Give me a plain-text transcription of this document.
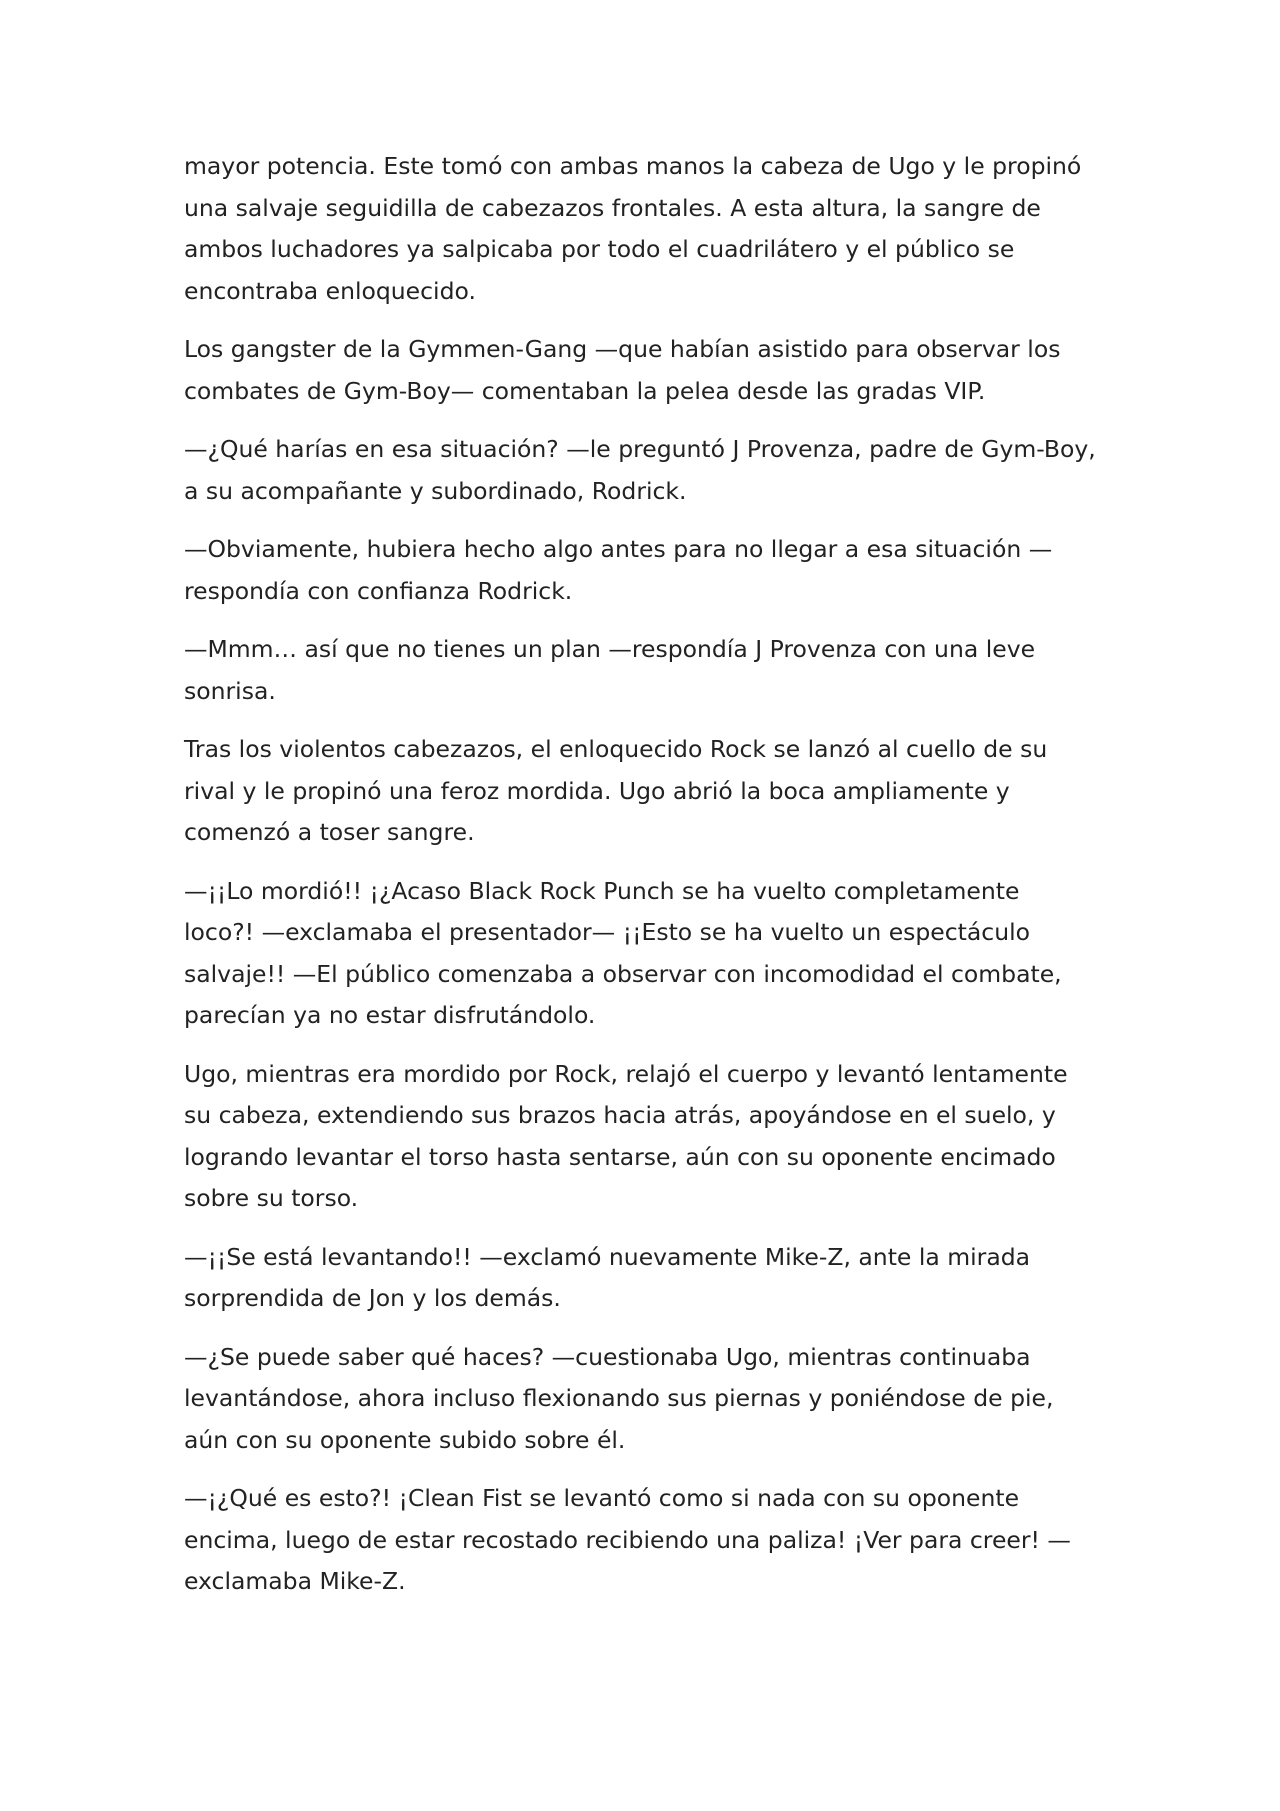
mayor potencia. Este tomó con ambas manos la cabeza de Ugo y le propinó una salvaje seguidilla de cabezazos frontales. A esta altura, la sangre de ambos luchadores ya salpicaba por todo el cuadrilátero y el público se encontraba enloquecido.

Los gangster de la Gymmen-Gang —que habían asistido para observar los combates de Gym-Boy— comentaban la pelea desde las gradas VIP.

—¿Qué harías en esa situación? —le preguntó J Provenza, padre de Gym-Boy, a su acompañante y subordinado, Rodrick.

—Obviamente, hubiera hecho algo antes para no llegar a esa situación —respondía con confianza Rodrick.

—Mmm… así que no tienes un plan —respondía J Provenza con una leve sonrisa.

Tras los violentos cabezazos, el enloquecido Rock se lanzó al cuello de su rival y le propinó una feroz mordida. Ugo abrió la boca ampliamente y comenzó a toser sangre.

—¡¡Lo mordió!! ¡¿Acaso Black Rock Punch se ha vuelto completamente loco?! —exclamaba el presentador— ¡¡Esto se ha vuelto un espectáculo salvaje!! —El público comenzaba a observar con incomodidad el combate, parecían ya no estar disfrutándolo.

Ugo, mientras era mordido por Rock, relajó el cuerpo y levantó lentamente su cabeza, extendiendo sus brazos hacia atrás, apoyándose en el suelo, y logrando levantar el torso hasta sentarse, aún con su oponente encimado sobre su torso.

—¡¡Se está levantando!! —exclamó nuevamente Mike-Z, ante la mirada sorprendida de Jon y los demás.

—¿Se puede saber qué haces? —cuestionaba Ugo, mientras continuaba levantándose, ahora incluso flexionando sus piernas y poniéndose de pie, aún con su oponente subido sobre él.

—¡¿Qué es esto?! ¡Clean Fist se levantó como si nada con su oponente encima, luego de estar recostado recibiendo una paliza! ¡Ver para creer! —exclamaba Mike-Z.
